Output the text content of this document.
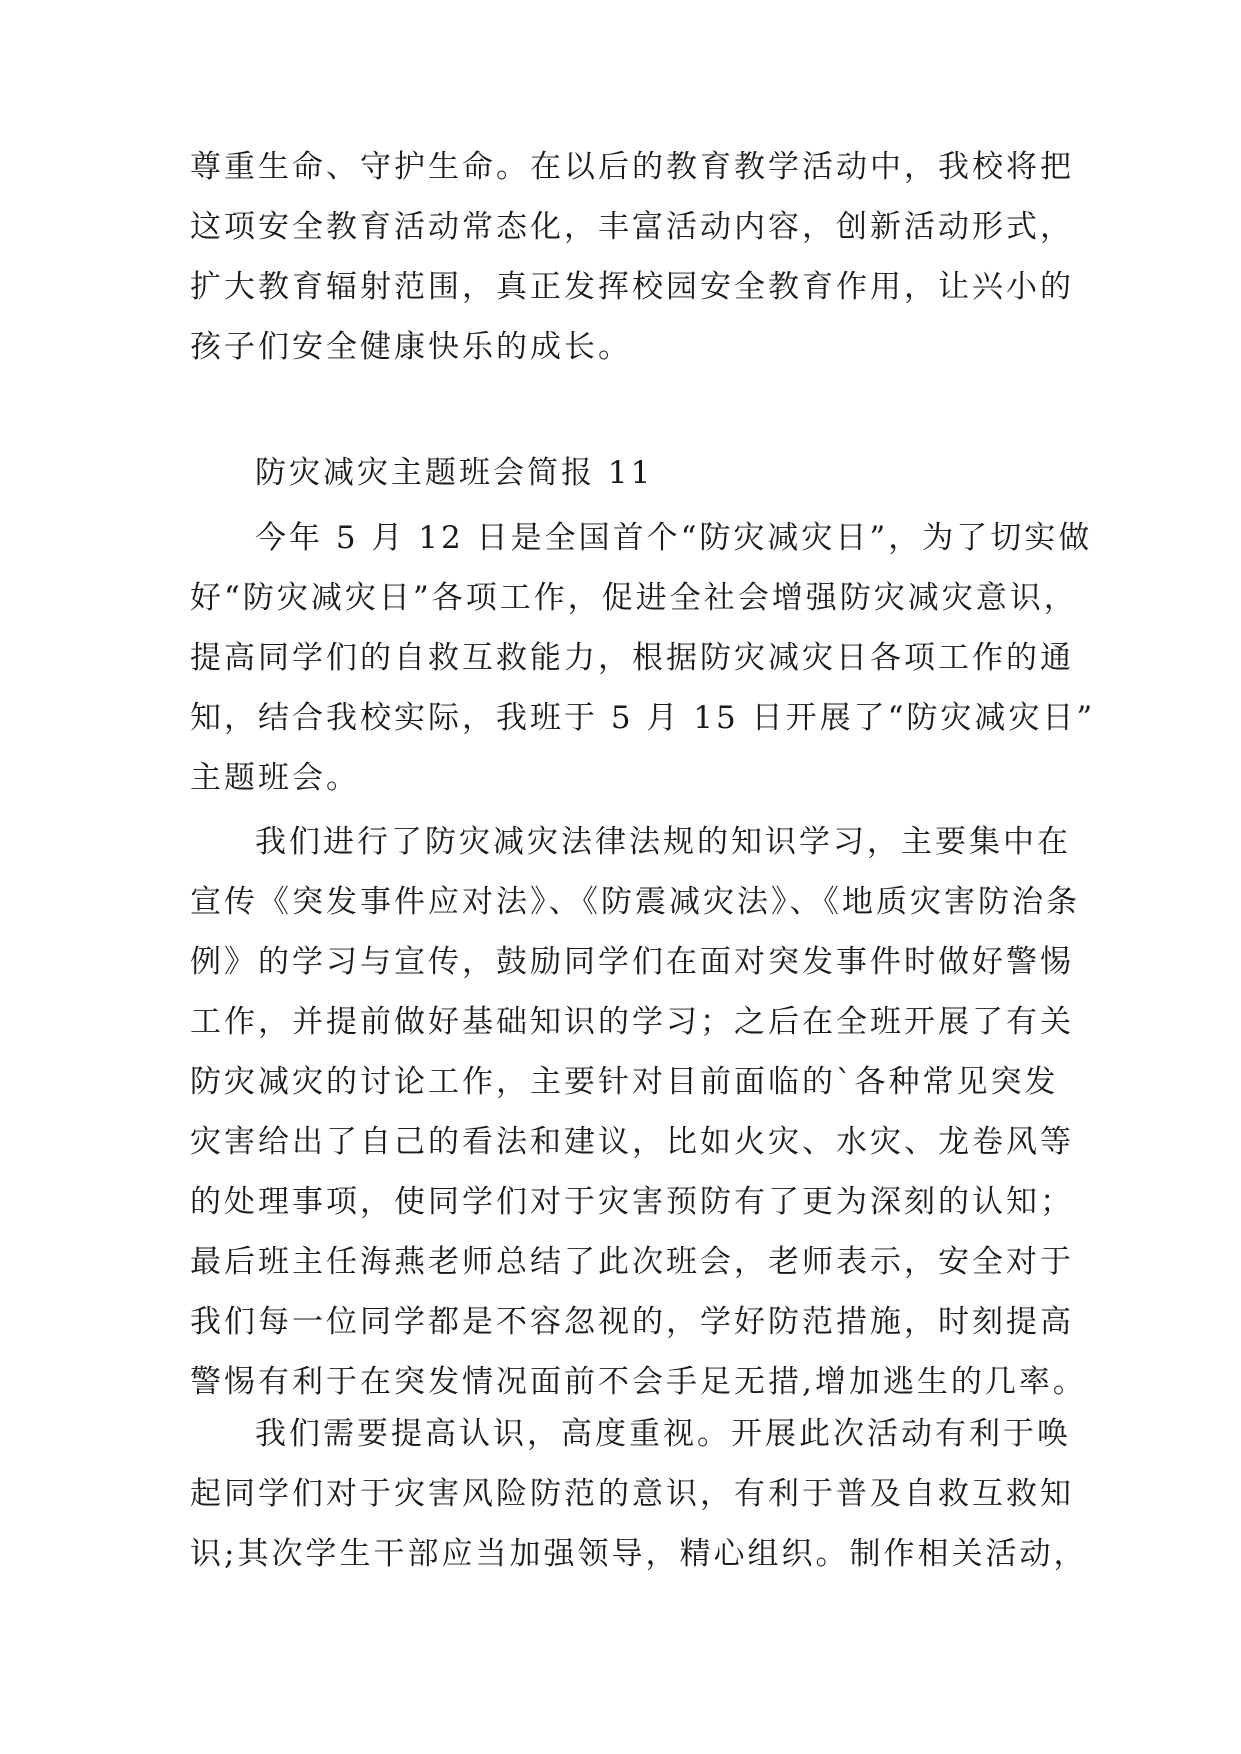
尊重生命、守护生命。在以后的教育教学活动中，我校将把
这项安全教育活动常态化，丰富活动内容，创新活动形式，
扩大教育辐射范围，真正发挥校园安全教育作用，让兴小的
孩子们安全健康快乐的成长。
防灾减灾主题班会简报 11
今年 5 月 12 日是全国首个“防灾减灾日”，为了切实做
好“防灾减灾日”各项工作，促进全社会增强防灾减灾意识，
提高同学们的自救互救能力，根据防灾减灾日各项工作的通
知，结合我校实际，我班于 5 月 15 日开展了“防灾减灾日”
主题班会。
我们进行了防灾减灾法律法规的知识学习，主要集中在
宣传《突发事件应对法》、《防震减灾法》、《地质灾害防治条
例》的学习与宣传，鼓励同学们在面对突发事件时做好警惕
工作，并提前做好基础知识的学习；之后在全班开展了有关
防灾减灾的讨论工作，主要针对目前面临的`各种常见突发
灾害给出了自己的看法和建议，比如火灾、水灾、龙卷风等
的处理事项，使同学们对于灾害预防有了更为深刻的认知；
最后班主任海燕老师总结了此次班会，老师表示，安全对于
我们每一位同学都是不容忽视的，学好防范措施，时刻提高
警惕有利于在突发情况面前不会手足无措,增加逃生的几率。
我们需要提高认识，高度重视。开展此次活动有利于唤
起同学们对于灾害风险防范的意识，有利于普及自救互救知
识;其次学生干部应当加强领导，精心组织。制作相关活动，
